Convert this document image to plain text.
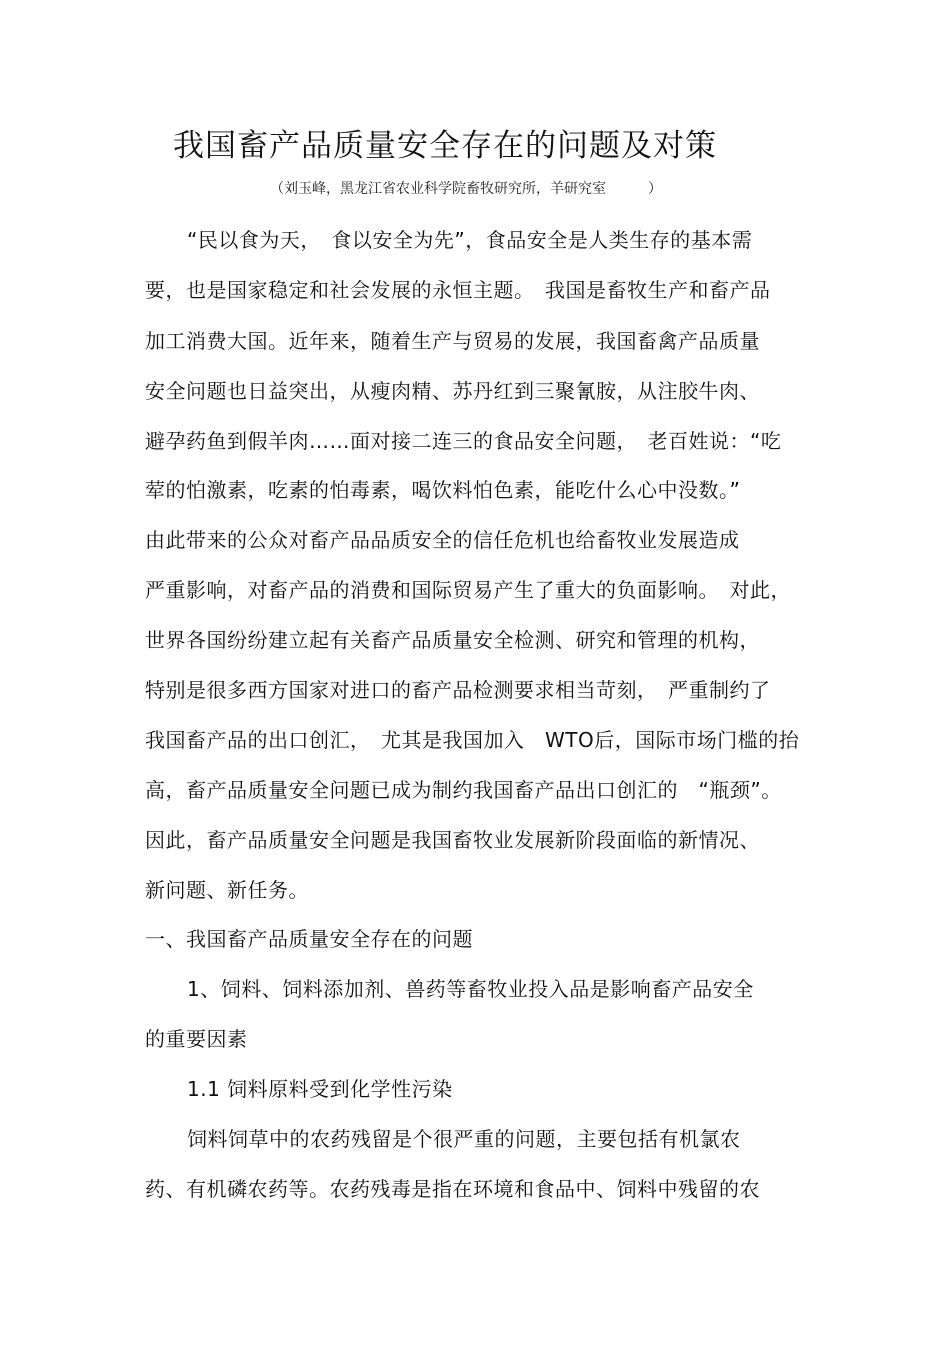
我国畜产品质量安全存在的问题及对策
（刘玉峰，黑龙江省农业科学院畜牧研究所，羊研究室　　　）
“民以食为天，　食以安全为先”，食品安全是人类生存的基本需
要，也是国家稳定和社会发展的永恒主题。　我国是畜牧生产和畜产品
加工消费大国。近年来，随着生产与贸易的发展，我国畜禽产品质量
安全问题也日益突出，从瘦肉精、苏丹红到三聚氰胺，从注胶牛肉、
避孕药鱼到假羊肉……面对接二连三的食品安全问题，　老百姓说：“吃
荤的怕激素，吃素的怕毒素，喝饮料怕色素，能吃什么心中没数。”
由此带来的公众对畜产品品质安全的信任危机也给畜牧业发展造成
严重影响，对畜产品的消费和国际贸易产生了重大的负面影响。　对此，
世界各国纷纷建立起有关畜产品质量安全检测、研究和管理的机构，
特别是很多西方国家对进口的畜产品检测要求相当苛刻，　严重制约了
我国畜产品的出口创汇，　尤其是我国加入　WTO后，国际市场门槛的抬
高，畜产品质量安全问题已成为制约我国畜产品出口创汇的　“瓶颈”。
因此，畜产品质量安全问题是我国畜牧业发展新阶段面临的新情况、
新问题、新任务。
一、我国畜产品质量安全存在的问题
1、饲料、饲料添加剂、兽药等畜牧业投入品是影响畜产品安全
的重要因素
1.1 饲料原料受到化学性污染
饲料饲草中的农药残留是个很严重的问题，主要包括有机氯农
药、有机磷农药等。农药残毒是指在环境和食品中、饲料中残留的农
